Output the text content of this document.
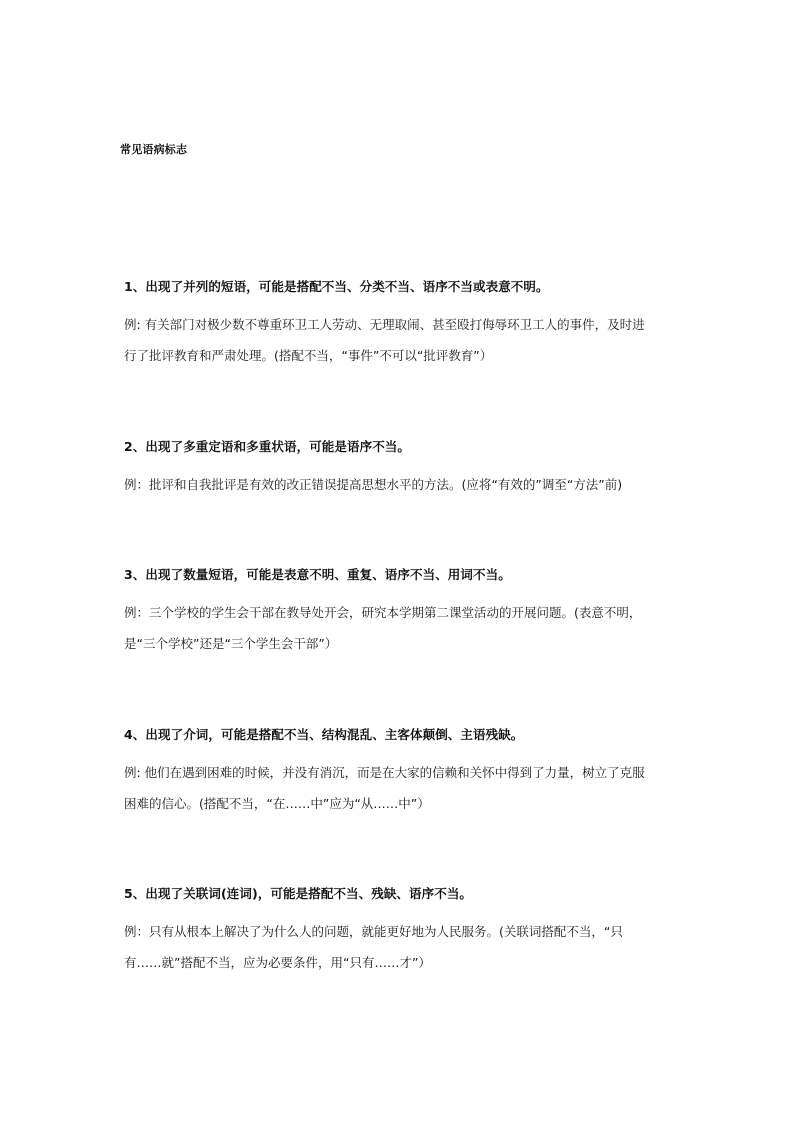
常见语病标志
1、出现了并列的短语，可能是搭配不当、分类不当、语序不当或表意不明。
例: 有关部门对极少数不尊重环卫工人劳动、无理取闹、甚至殴打侮辱环卫工人的事件，及时进
行了批评教育和严肃处理。(搭配不当，“事件”不可以“批评教育”）
2、出现了多重定语和多重状语，可能是语序不当。
例：批评和自我批评是有效的改正错误提高思想水平的方法。(应将“有效的”调至“方法”前)
3、出现了数量短语，可能是表意不明、重复、语序不当、用词不当。
例：三个学校的学生会干部在教导处开会，研究本学期第二课堂活动的开展问题。(表意不明，
是“三个学校”还是“三个学生会干部”）
4、出现了介词，可能是搭配不当、结构混乱、主客体颠倒、主语残缺。
例: 他们在遇到困难的时候，并没有消沉，而是在大家的信赖和关怀中得到了力量，树立了克服
困难的信心。(搭配不当，“在……中”应为“从……中”）
5、出现了关联词(连词)，可能是搭配不当、残缺、语序不当。
例：只有从根本上解决了为什么人的问题，就能更好地为人民服务。(关联词搭配不当，“只
有……就”搭配不当，应为必要条件，用“只有……才”）
